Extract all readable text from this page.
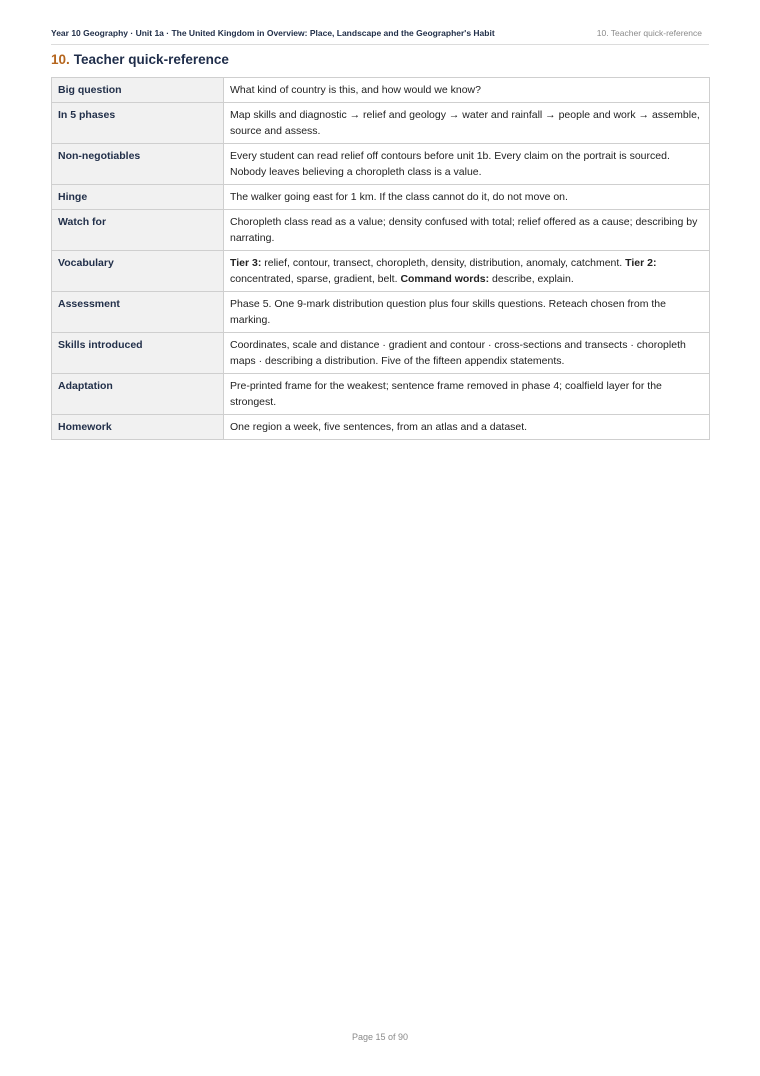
Year 10 Geography · Unit 1a · The United Kingdom in Overview: Place, Landscape and the Geographer's Habit	10. Teacher quick-reference
10. Teacher quick-reference
Big question	What kind of country is this, and how would we know?
In 5 phases	Map skills and diagnostic → relief and geology → water and rainfall → people and work → assemble, source and assess.
Non-negotiables	Every student can read relief off contours before unit 1b. Every claim on the portrait is sourced. Nobody leaves believing a choropleth class is a value.
Hinge	The walker going east for 1 km. If the class cannot do it, do not move on.
Watch for	Choropleth class read as a value; density confused with total; relief offered as a cause; describing by narrating.
Vocabulary	Tier 3: relief, contour, transect, choropleth, density, distribution, anomaly, catchment. Tier 2: concentrated, sparse, gradient, belt. Command words: describe, explain.
Assessment	Phase 5. One 9-mark distribution question plus four skills questions. Reteach chosen from the marking.
Skills introduced	Coordinates, scale and distance · gradient and contour · cross-sections and transects · choropleth maps · describing a distribution. Five of the fifteen appendix statements.
Adaptation	Pre-printed frame for the weakest; sentence frame removed in phase 4; coalfield layer for the strongest.
Homework	One region a week, five sentences, from an atlas and a dataset.
Page 15 of 90
